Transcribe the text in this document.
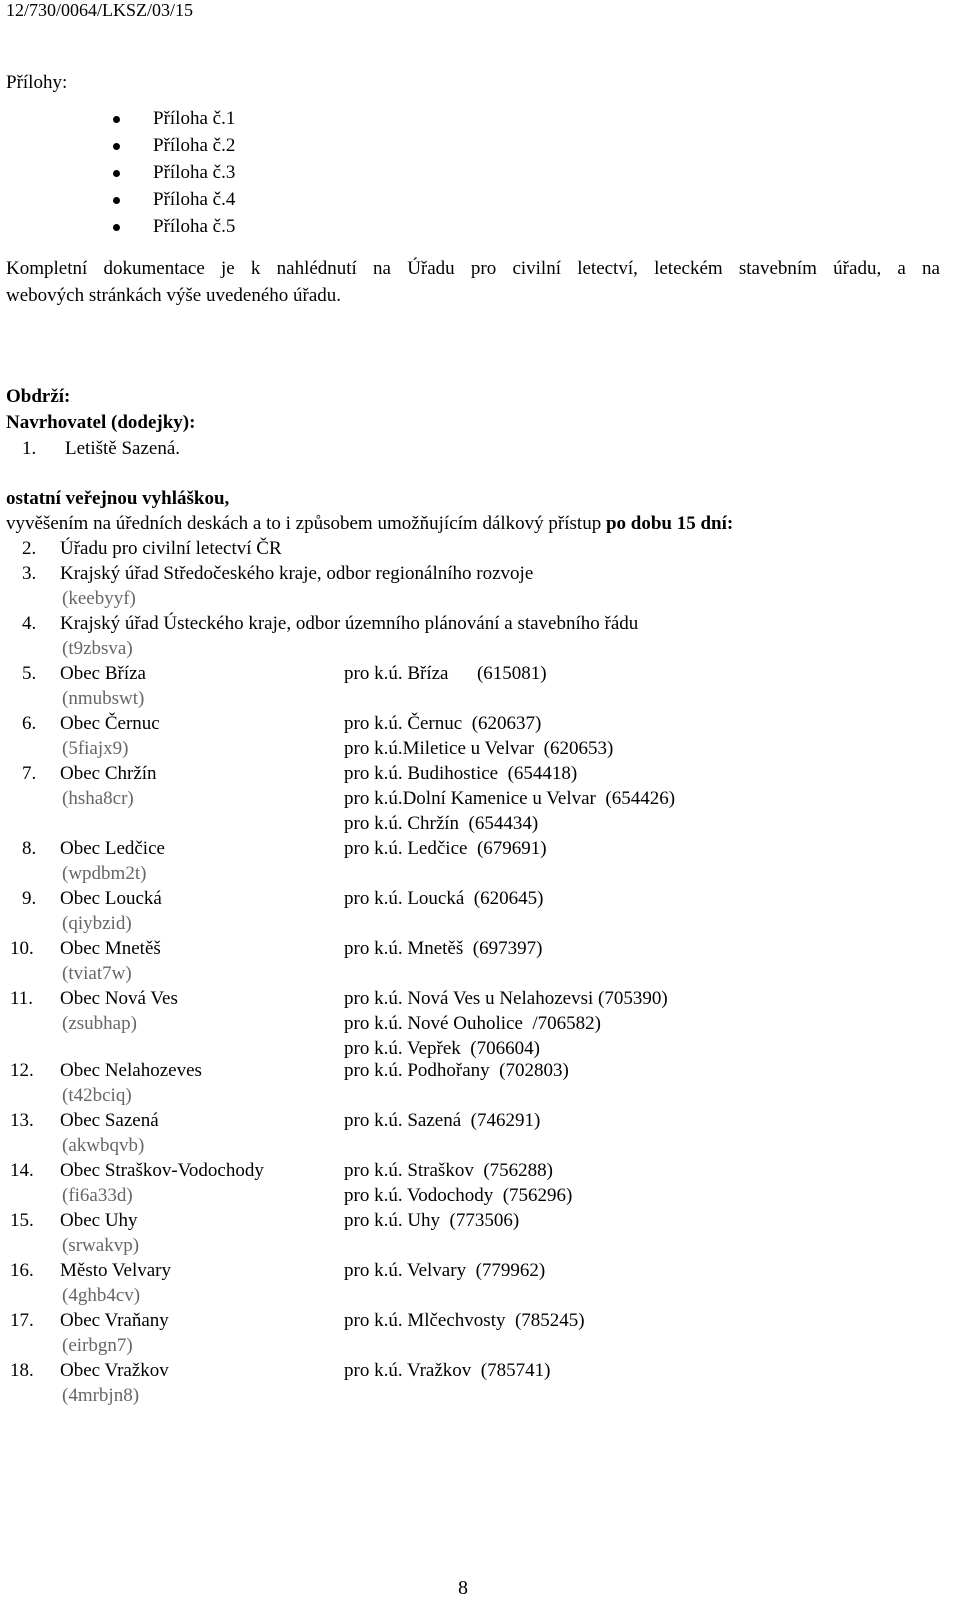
12/730/0064/LKSZ/03/15
Přílohy:
Příloha č.1
Příloha č.2
Příloha č.3
Příloha č.4
Příloha č.5
Kompletní dokumentace je k nahlédnutí na Úřadu pro civilní letectví, leteckém stavebním úřadu, a na
webových stránkách výše uvedeného úřadu.
Obdrží:
Navrhovatel (dodejky):
1. Letiště Sazená.
ostatní veřejnou vyhláškou,
vyvěšením na úředních deskách a to i způsobem umožňujícím dálkový přístup po dobu 15 dní:
2. Úřadu pro civilní letectví ČR
3. Krajský úřad Středočeského kraje, odbor regionálního rozvoje
(keebyyf)
4. Krajský úřad Ústeckého kraje, odbor územního plánování a stavebního řádu
(t9zbsva)
5. Obec Bříza
(nmubswt)
pro k.ú. Bříza      (615081)
6. Obec Černuc
(5fiajx9)
pro k.ú. Černuc  (620637)
pro k.ú.Miletice u Velvar  (620653)
7. Obec Chržín
(hsha8cr)
pro k.ú. Budihostice  (654418)
pro k.ú.Dolní Kamenice u Velvar  (654426)
pro k.ú. Chržín  (654434)
8. Obec Ledčice
(wpdbm2t)
pro k.ú. Ledčice  (679691)
9. Obec Loucká
(qiybzid)
pro k.ú. Loucká  (620645)
10. Obec Mnetěš
(tviat7w)
pro k.ú. Mnetěš  (697397)
11. Obec Nová Ves
(zsubhap)
pro k.ú. Nová Ves u Nelahozevsi (705390)
pro k.ú. Nové Ouholice  /706582)
pro k.ú. Vepřek  (706604)
12. Obec Nelahozeves
(t42bciq)
pro k.ú. Podhořany  (702803)
13. Obec Sazená
(akwbqvb)
pro k.ú. Sazená  (746291)
14. Obec Straškov-Vodochody
(fi6a33d)
pro k.ú. Straškov  (756288)
pro k.ú. Vodochody  (756296)
15. Obec Uhy
(srwakvp)
pro k.ú. Uhy  (773506)
16. Město Velvary
(4ghb4cv)
pro k.ú. Velvary  (779962)
17. Obec Vraňany
(eirbgn7)
pro k.ú. Mlčechvosty  (785245)
18. Obec Vražkov
(4mrbjn8)
pro k.ú. Vražkov  (785741)
8
